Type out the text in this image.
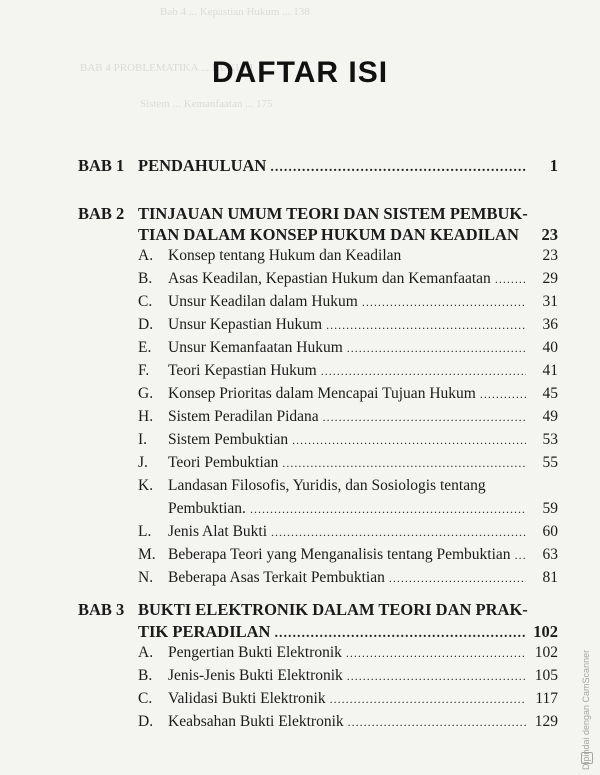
Bab 4 ... Kepastian Hukum ... 138
BAB 4 PROBLEMATIKA ... HUKUM
Sistem ... Kemanfaatan ... 175
DAFTAR ISI
BAB 1 PENDAHULUAN .....	1
BAB 2 TINJAUAN UMUM TEORI DAN SISTEM PEMBUK-
TIAN DALAM KONSEP HUKUM DAN KEADILAN	23
A. Konsep tentang Hukum dan Keadilan	23
B.	Asas Keadilan, Kepastian Hukum dan Kemanfaatan .....	29
C.	Unsur Keadilan dalam Hukum .....	31
D. Unsur Kepastian Hukum .....	36
E.	Unsur Kemanfaatan Hukum .....	40
F.	Teori Kepastian Hukum .....	41
G. Konsep Prioritas dalam Mencapai Tujuan Hukum .....	45
H. Sistem Peradilan Pidana .....	49
I.	Sistem Pembuktian .....	53
J.	Teori Pembuktian .....	55
K. Landasan Filosofis, Yuridis, dan Sosiologis tentang
Pembuktian. .....	59
L.	Jenis Alat Bukti .....	60
M. Beberapa Teori yang Menganalisis tentang Pembuktian .....	63
N. Beberapa Asas Terkait Pembuktian .....	81
BAB 3 BUKTI ELEKTRONIK DALAM TEORI DAN PRAK-
TIK PERADILAN .....	102
A. Pengertian Bukti Elektronik .....	102
B.	Jenis-Jenis Bukti Elektronik .....	105
C.	Validasi Bukti Elektronik .....	117
D. Keabsahan Bukti Elektronik .....	129	Dipindai dengan CamScanner
